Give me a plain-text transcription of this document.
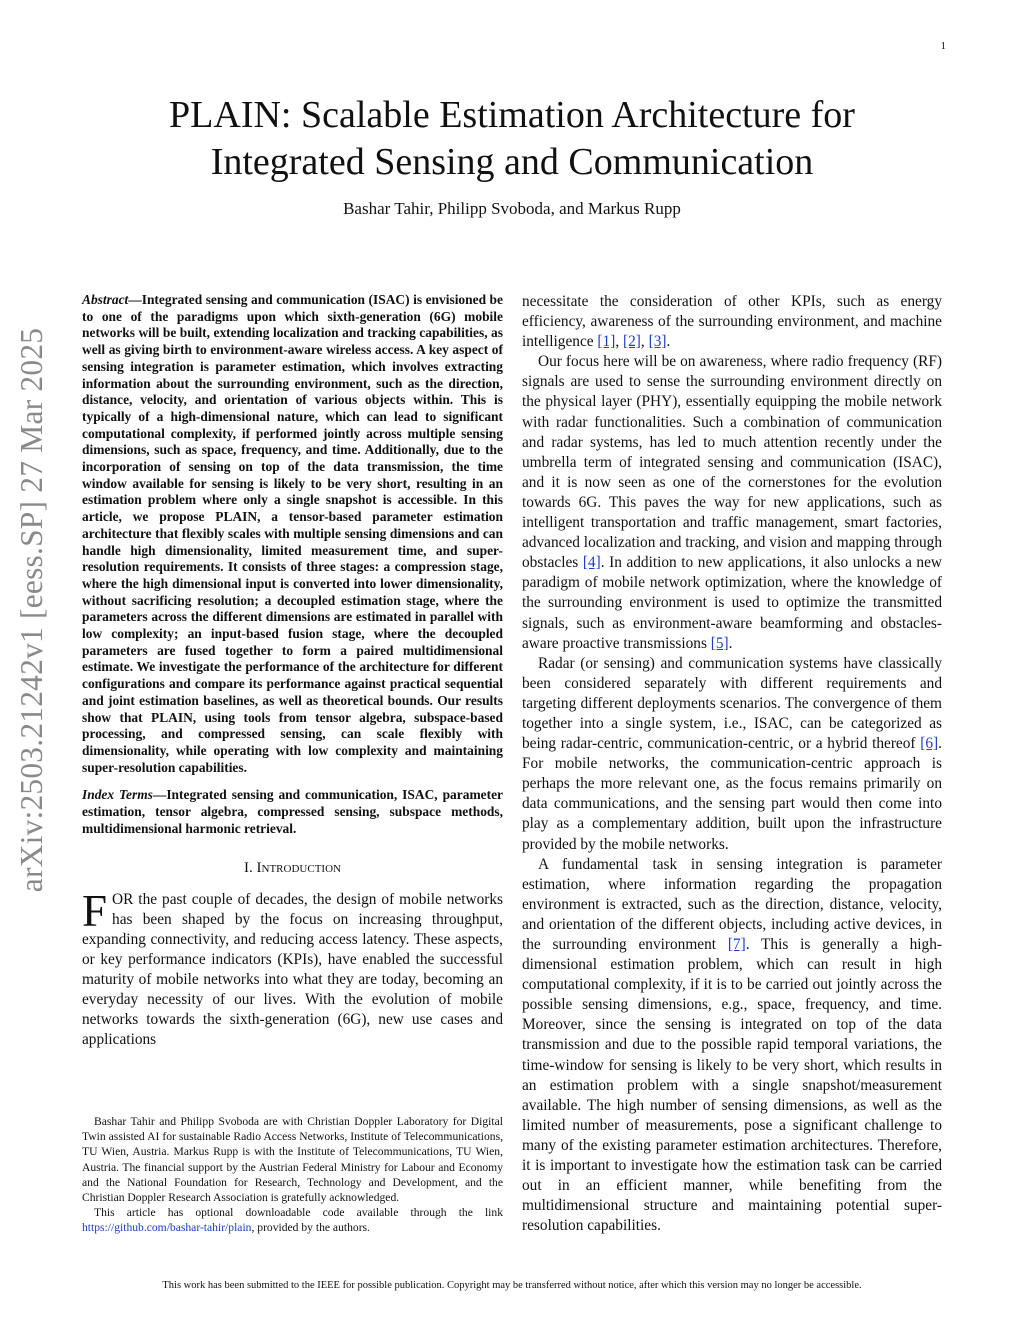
1
arXiv:2503.21242v1 [eess.SP] 27 Mar 2025
PLAIN: Scalable Estimation Architecture for
Integrated Sensing and Communication

Bashar Tahir, Philipp Svoboda, and Markus Rupp

Abstract—Integrated sensing and communication (ISAC) is envisioned be to one of the paradigms upon which sixth-generation (6G) mobile networks will be built, extending localization and tracking capabilities, as well as giving birth to environment-aware wireless access. A key aspect of sensing integration is parameter estimation, which involves extracting information about the surrounding environment, such as the direction, distance, velocity, and orientation of various objects within. This is typically of a high-dimensional nature, which can lead to significant computational complexity, if performed jointly across multiple sensing dimensions, such as space, frequency, and time. Additionally, due to the incorporation of sensing on top of the data transmission, the time window available for sensing is likely to be very short, resulting in an estimation problem where only a single snapshot is accessible. In this article, we propose PLAIN, a tensor-based parameter estimation architecture that flexibly scales with multiple sensing dimensions and can handle high dimensionality, limited measurement time, and super-resolution requirements. It consists of three stages: a compression stage, where the high dimensional input is converted into lower dimensionality, without sacrificing resolution; a decoupled estimation stage, where the parameters across the different dimensions are estimated in parallel with low complexity; an input-based fusion stage, where the decoupled parameters are fused together to form a paired multidimensional estimate. We investigate the performance of the architecture for different configurations and compare its performance against practical sequential and joint estimation baselines, as well as theoretical bounds. Our results show that PLAIN, using tools from tensor algebra, subspace-based processing, and compressed sensing, can scale flexibly with dimensionality, while operating with low complexity and maintaining super-resolution capabilities.

Index Terms—Integrated sensing and communication, ISAC, parameter estimation, tensor algebra, compressed sensing, subspace methods, multidimensional harmonic retrieval.

I. Introduction

FOR the past couple of decades, the design of mobile networks has been shaped by the focus on increasing throughput, expanding connectivity, and reducing access latency. These aspects, or key performance indicators (KPIs), have enabled the successful maturity of mobile networks into what they are today, becoming an everyday necessity of our lives. With the evolution of mobile networks towards the sixth-generation (6G), new use cases and applications

Bashar Tahir and Philipp Svoboda are with Christian Doppler Laboratory for Digital Twin assisted AI for sustainable Radio Access Networks, Institute of Telecommunications, TU Wien, Austria. Markus Rupp is with the Institute of Telecommunications, TU Wien, Austria. The financial support by the Austrian Federal Ministry for Labour and Economy and the National Foundation for Research, Technology and Development, and the Christian Doppler Research Association is gratefully acknowledged.

This article has optional downloadable code available through the link https://github.com/bashar-tahir/plain, provided by the authors.

necessitate the consideration of other KPIs, such as energy efficiency, awareness of the surrounding environment, and machine intelligence [1], [2], [3].

Our focus here will be on awareness, where radio frequency (RF) signals are used to sense the surrounding environment directly on the physical layer (PHY), essentially equipping the mobile network with radar functionalities. Such a combination of communication and radar systems, has led to much attention recently under the umbrella term of integrated sensing and communication (ISAC), and it is now seen as one of the cornerstones for the evolution towards 6G. This paves the way for new applications, such as intelligent transportation and traffic management, smart factories, advanced localization and tracking, and vision and mapping through obstacles [4]. In addition to new applications, it also unlocks a new paradigm of mobile network optimization, where the knowledge of the surrounding environment is used to optimize the transmitted signals, such as environment-aware beamforming and obstacles-aware proactive transmissions [5].

Radar (or sensing) and communication systems have classically been considered separately with different requirements and targeting different deployments scenarios. The convergence of them together into a single system, i.e., ISAC, can be categorized as being radar-centric, communication-centric, or a hybrid thereof [6]. For mobile networks, the communication-centric approach is perhaps the more relevant one, as the focus remains primarily on data communications, and the sensing part would then come into play as a complementary addition, built upon the infrastructure provided by the mobile networks.

A fundamental task in sensing integration is parameter estimation, where information regarding the propagation environment is extracted, such as the direction, distance, velocity, and orientation of the different objects, including active devices, in the surrounding environment [7]. This is generally a high-dimensional estimation problem, which can result in high computational complexity, if it is to be carried out jointly across the possible sensing dimensions, e.g., space, frequency, and time. Moreover, since the sensing is integrated on top of the data transmission and due to the possible rapid temporal variations, the time-window for sensing is likely to be very short, which results in an estimation problem with a single snapshot/measurement available. The high number of sensing dimensions, as well as the limited number of measurements, pose a significant challenge to many of the existing parameter estimation architectures. Therefore, it is important to investigate how the estimation task can be carried out in an efficient manner, while benefiting from the multidimensional structure and maintaining potential super-resolution capabilities.

This work has been submitted to the IEEE for possible publication. Copyright may be transferred without notice, after which this version may no longer be accessible.
